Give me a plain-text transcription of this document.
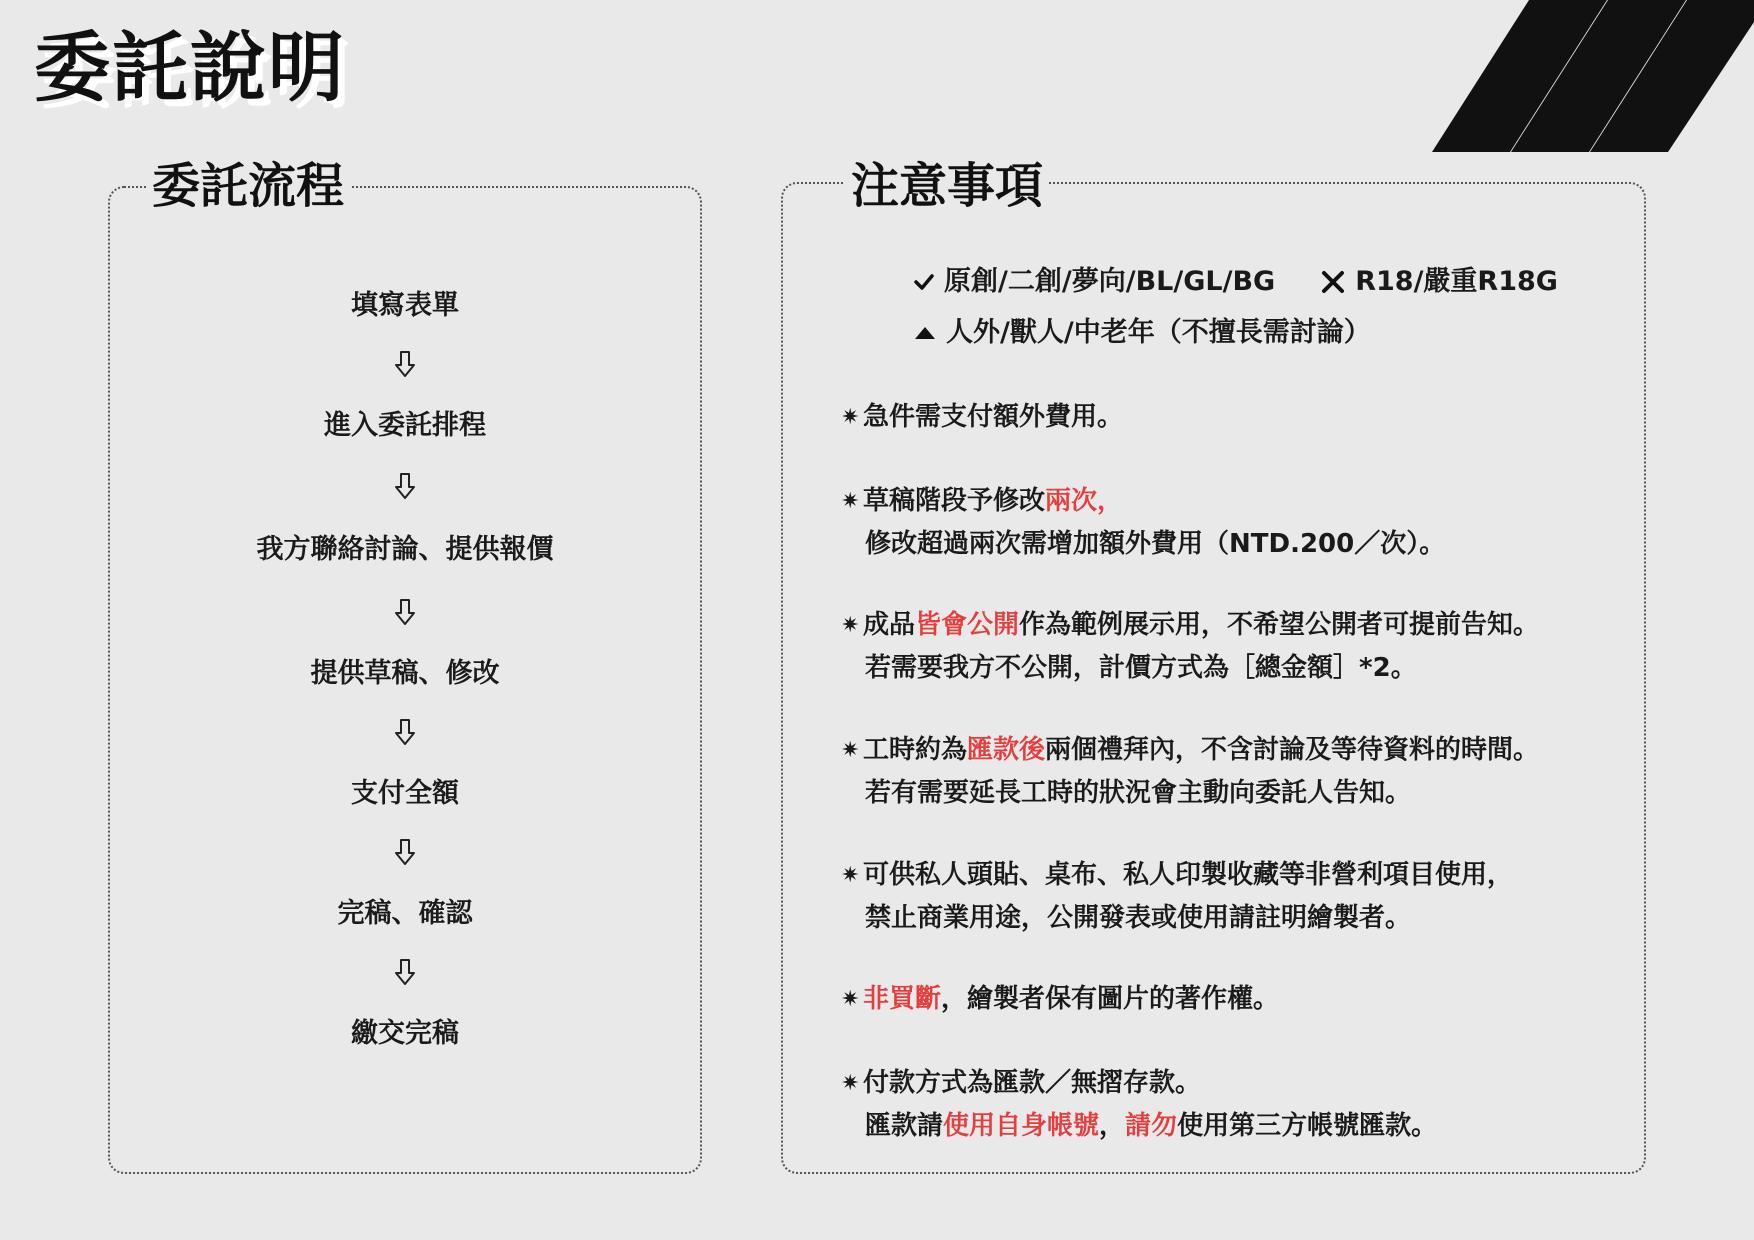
委託說明
委託流程
填寫表單
進入委託排程
我方聯絡討論、提供報價
提供草稿、修改
支付全額
完稿、確認
繳交完稿
注意事項
原創/二創/夢向/BL/GL/BG	R18/嚴重R18G
人外/獸人/中老年（不擅長需討論）
✷ 急件需支付額外費用。
✷ 草稿階段予修改兩次，
修改超過兩次需增加額外費用（NTD.200／次）。
✷ 成品皆會公開作為範例展示用，不希望公開者可提前告知。
若需要我方不公開，計價方式為［總金額］*2。
✷ 工時約為匯款後兩個禮拜內，不含討論及等待資料的時間。
若有需要延長工時的狀況會主動向委託人告知。
✷ 可供私人頭貼、桌布、私人印製收藏等非營利項目使用，
禁止商業用途，公開發表或使用請註明繪製者。
✷ 非買斷，繪製者保有圖片的著作權。
✷ 付款方式為匯款／無摺存款。
匯款請使用自身帳號，請勿使用第三方帳號匯款。
